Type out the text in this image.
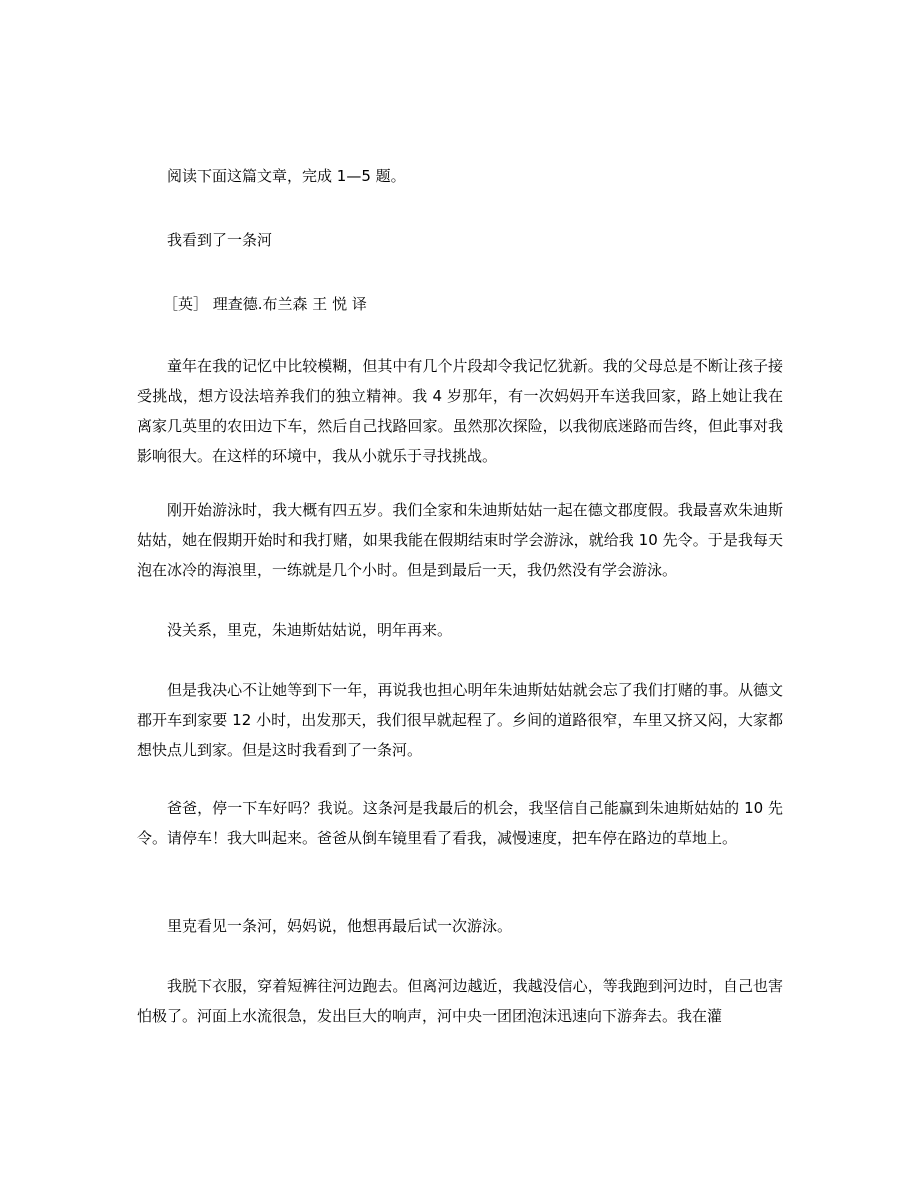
阅读下面这篇文章，完成 1—5 题。
我看到了一条河
［英］ 理查德.布兰森 王 悦 译
童年在我的记忆中比较模糊，但其中有几个片段却令我记忆犹新。我的父母总是不断让孩子接受挑战，想方设法培养我们的独立精神。我 4 岁那年，有一次妈妈开车送我回家，路上她让我在离家几英里的农田边下车，然后自己找路回家。虽然那次探险，以我彻底迷路而告终，但此事对我影响很大。在这样的环境中，我从小就乐于寻找挑战。
刚开始游泳时，我大概有四五岁。我们全家和朱迪斯姑姑一起在德文郡度假。我最喜欢朱迪斯姑姑，她在假期开始时和我打赌，如果我能在假期结束时学会游泳，就给我 10 先令。于是我每天泡在冰冷的海浪里，一练就是几个小时。但是到最后一天，我仍然没有学会游泳。
没关系，里克，朱迪斯姑姑说，明年再来。
但是我决心不让她等到下一年，再说我也担心明年朱迪斯姑姑就会忘了我们打赌的事。从德文郡开车到家要 12 小时，出发那天，我们很早就起程了。乡间的道路很窄，车里又挤又闷，大家都想快点儿到家。但是这时我看到了一条河。
爸爸，停一下车好吗？我说。这条河是我最后的机会，我坚信自己能赢到朱迪斯姑姑的 10 先令。请停车！我大叫起来。爸爸从倒车镜里看了看我，减慢速度，把车停在路边的草地上。
里克看见一条河，妈妈说，他想再最后试一次游泳。
我脱下衣服，穿着短裤往河边跑去。但离河边越近，我越没信心，等我跑到河边时，自己也害怕极了。河面上水流很急，发出巨大的响声，河中央一团团泡沫迅速向下游奔去。我在灌
